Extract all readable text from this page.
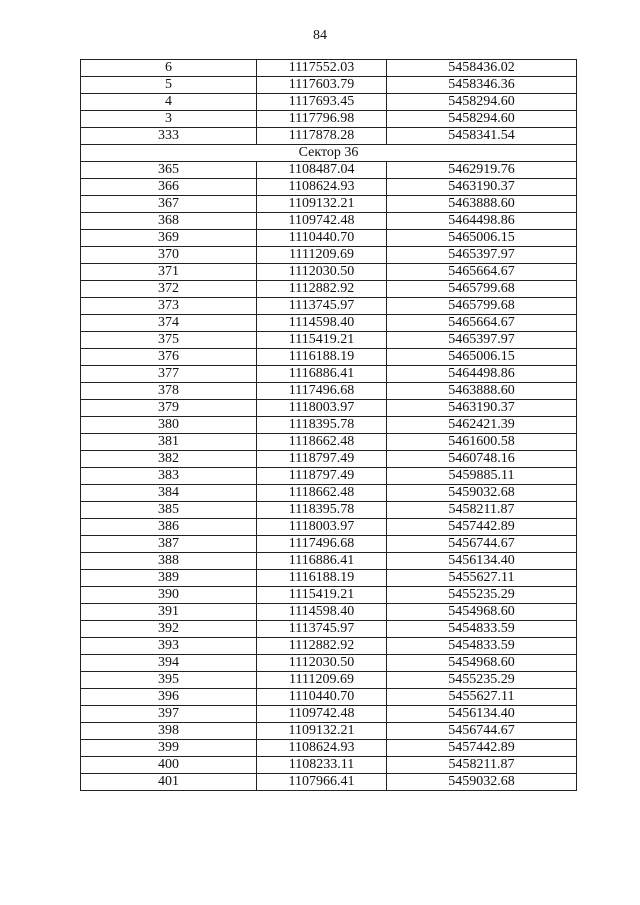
84
6	1117552.03	5458436.02
5	1117603.79	5458346.36
4	1117693.45	5458294.60
3	1117796.98	5458294.60
333	1117878.28	5458341.54
Сектор 36		
365	1108487.04	5462919.76
366	1108624.93	5463190.37
367	1109132.21	5463888.60
368	1109742.48	5464498.86
369	1110440.70	5465006.15
370	1111209.69	5465397.97
371	1112030.50	5465664.67
372	1112882.92	5465799.68
373	1113745.97	5465799.68
374	1114598.40	5465664.67
375	1115419.21	5465397.97
376	1116188.19	5465006.15
377	1116886.41	5464498.86
378	1117496.68	5463888.60
379	1118003.97	5463190.37
380	1118395.78	5462421.39
381	1118662.48	5461600.58
382	1118797.49	5460748.16
383	1118797.49	5459885.11
384	1118662.48	5459032.68
385	1118395.78	5458211.87
386	1118003.97	5457442.89
387	1117496.68	5456744.67
388	1116886.41	5456134.40
389	1116188.19	5455627.11
390	1115419.21	5455235.29
391	1114598.40	5454968.60
392	1113745.97	5454833.59
393	1112882.92	5454833.59
394	1112030.50	5454968.60
395	1111209.69	5455235.29
396	1110440.70	5455627.11
397	1109742.48	5456134.40
398	1109132.21	5456744.67
399	1108624.93	5457442.89
400	1108233.11	5458211.87
401	1107966.41	5459032.68
